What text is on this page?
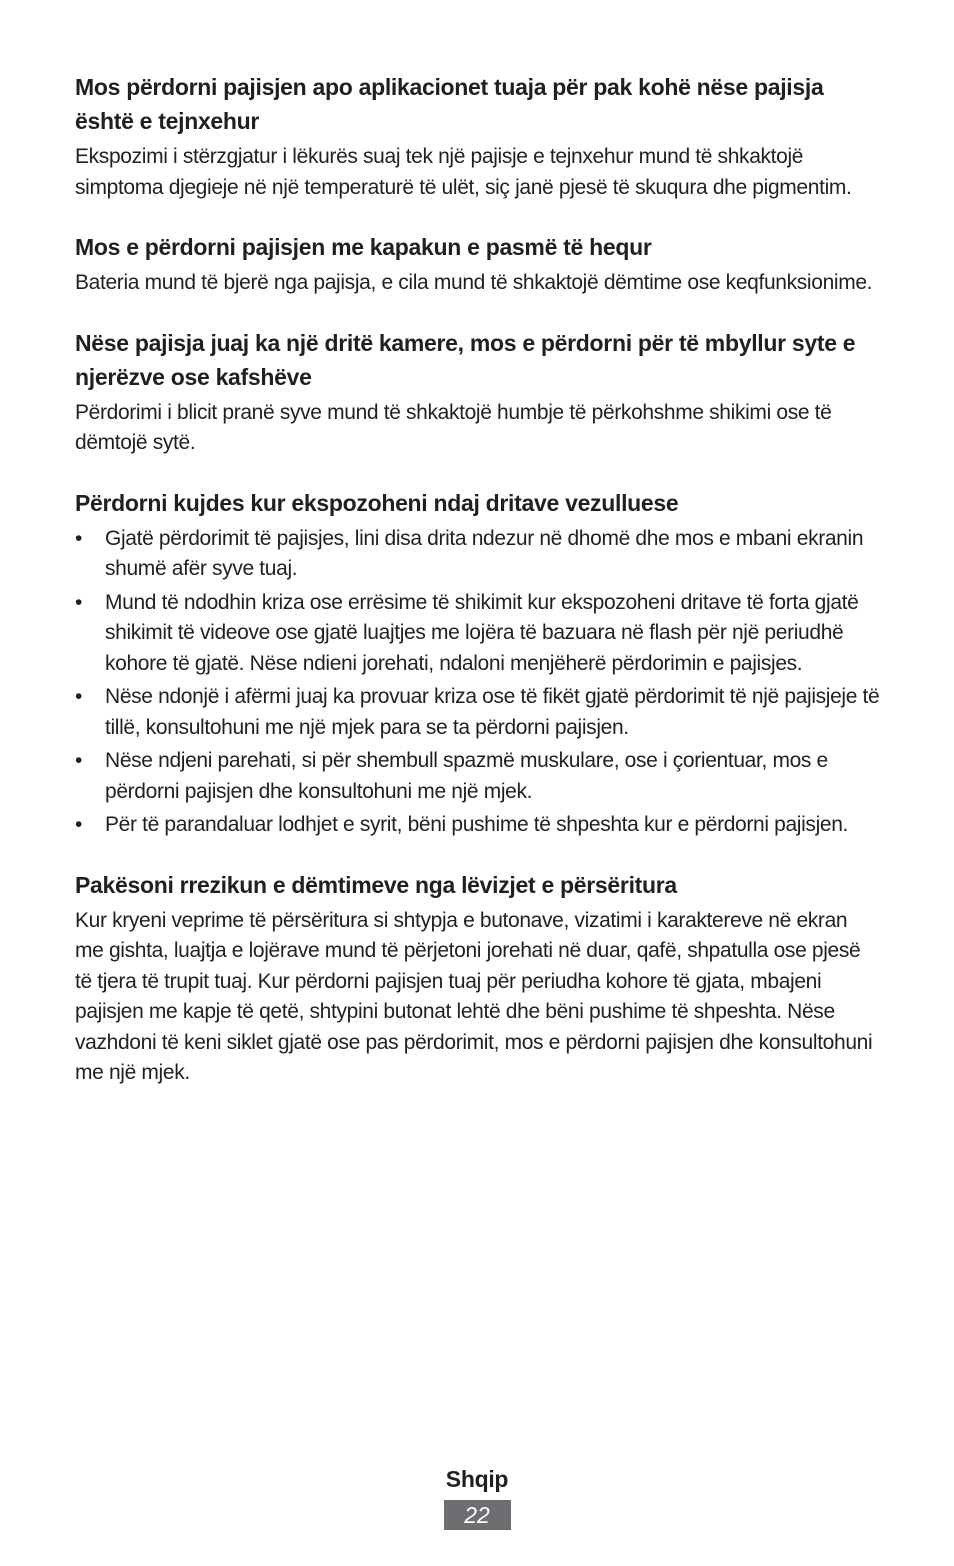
Mos përdorni pajisjen apo aplikacionet tuaja për pak kohë nëse pajisja është e tejnxehur

Ekspozimi i stërzgjatur i lëkurës suaj tek një pajisje e tejnxehur mund të shkaktojë simptoma djegieje në një temperaturë të ulët, siç janë pjesë të skuqura dhe pigmentim.

Mos e përdorni pajisjen me kapakun e pasmë të hequr

Bateria mund të bjerë nga pajisja, e cila mund të shkaktojë dëmtime ose keqfunksionime.

Nëse pajisja juaj ka një dritë kamere, mos e përdorni për të mbyllur syte e njerëzve ose kafshëve

Përdorimi i blicit pranë syve mund të shkaktojë humbje të përkohshme shikimi ose të dëmtojë sytë.

Përdorni kujdes kur ekspozoheni ndaj dritave vezulluese
• Gjatë përdorimit të pajisjes, lini disa drita ndezur në dhomë dhe mos e mbani ekranin shumë afër syve tuaj.
• Mund të ndodhin kriza ose errësime të shikimit kur ekspozoheni dritave të forta gjatë shikimit të videove ose gjatë luajtjes me lojëra të bazuara në flash për një periudhë kohore të gjatë. Nëse ndieni jorehati, ndaloni menjëherë përdorimin e pajisjes.
• Nëse ndonjë i afërmi juaj ka provuar kriza ose të fikët gjatë përdorimit të një pajisjeje të tillë, konsultohuni me një mjek para se ta përdorni pajisjen.
• Nëse ndjeni parehati, si për shembull spazmë muskulare, ose i çorientuar, mos e përdorni pajisjen dhe konsultohuni me një mjek.
• Për të parandaluar lodhjet e syrit, bëni pushime të shpeshta kur e përdorni pajisjen.
Pakësoni rrezikun e dëmtimeve nga lëvizjet e përsëritura

Kur kryeni veprime të përsëritura si shtypja e butonave, vizatimi i karaktereve në ekran me gishta, luajtja e lojërave mund të përjetoni jorehati në duar, qafë, shpatulla ose pjesë të tjera të trupit tuaj. Kur përdorni pajisjen tuaj për periudha kohore të gjata, mbajeni pajisjen me kapje të qetë, shtypini butonat lehtë dhe bëni pushime të shpeshta. Nëse vazhdoni të keni siklet gjatë ose pas përdorimit, mos e përdorni pajisjen dhe konsultohuni me një mjek.

Shqip
22
